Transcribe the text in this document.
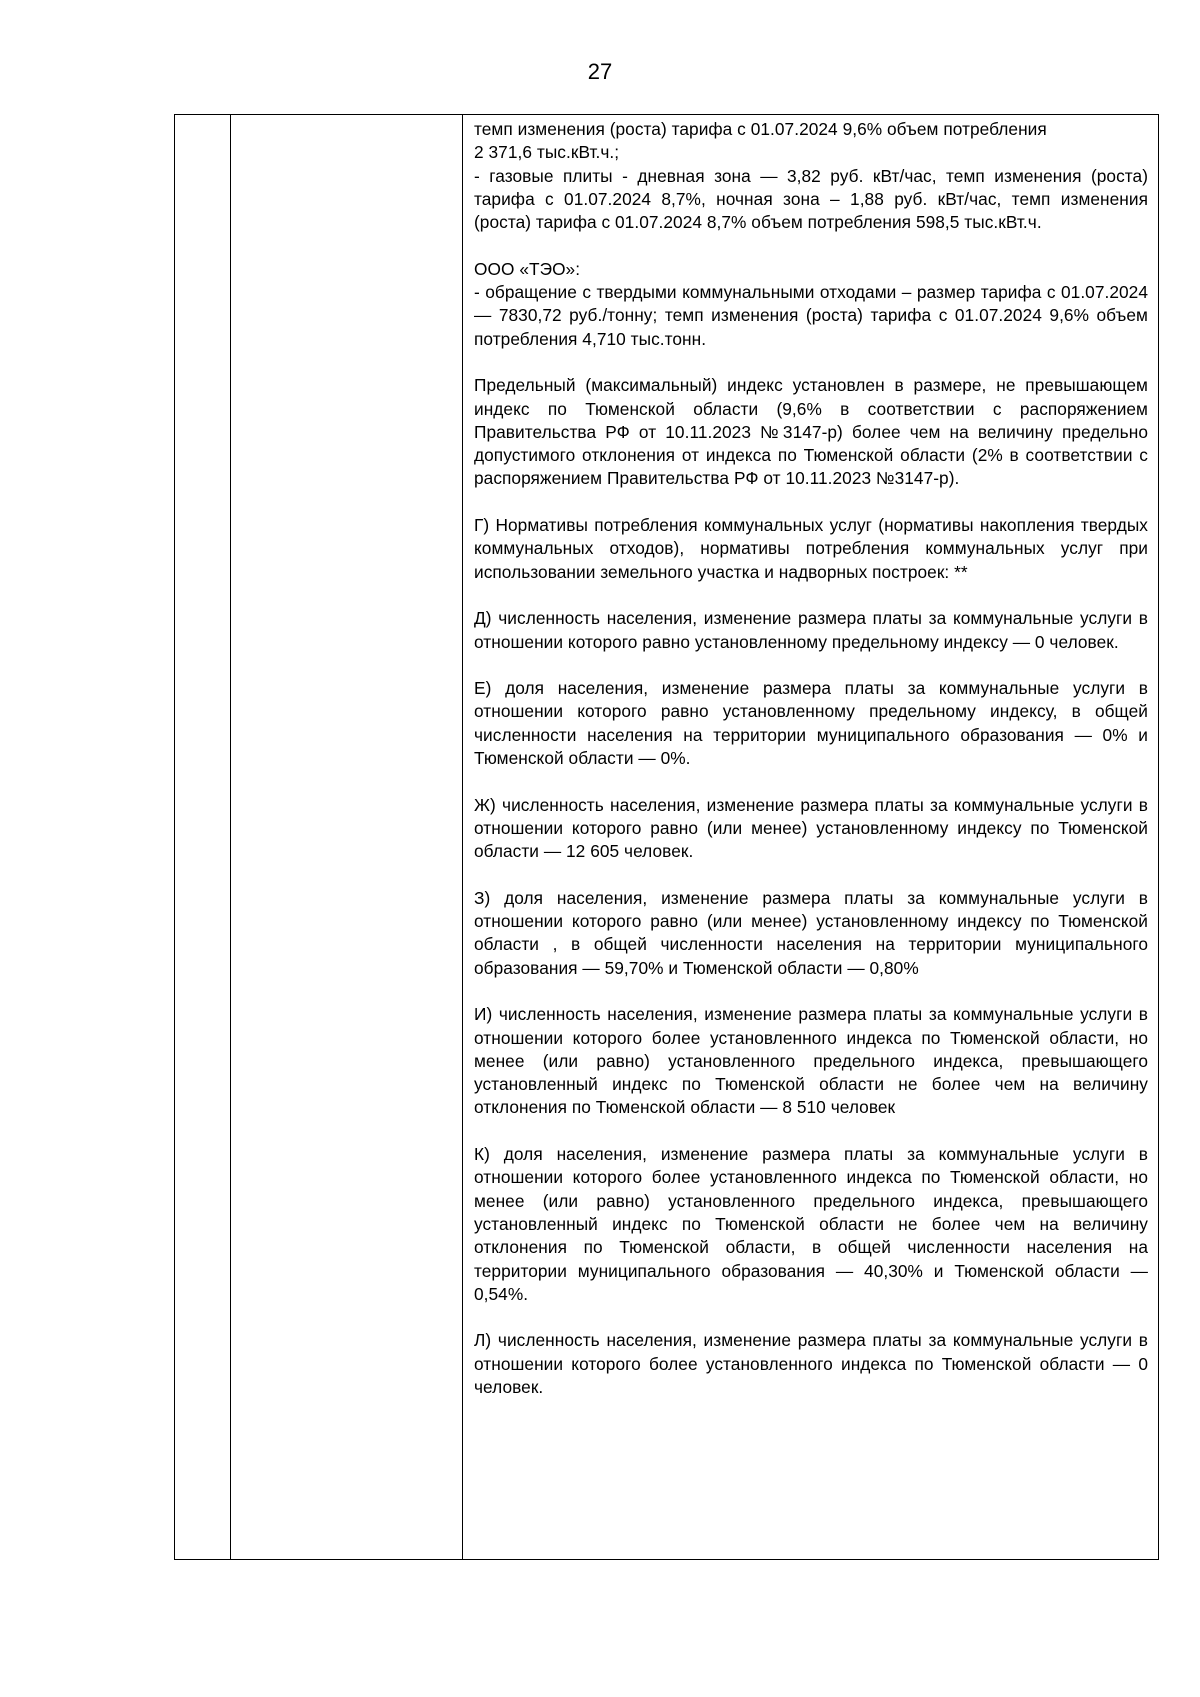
27

темп изменения (роста) тарифа с 01.07.2024 9,6% объем потребления
2 371,6 тыс.кВт.ч.;
- газовые плиты - дневная зона — 3,82 руб. кВт/час, темп изменения (роста) тарифа с 01.07.2024 8,7%, ночная зона – 1,88 руб. кВт/час, темп изменения (роста) тарифа с 01.07.2024 8,7% объем потребления 598,5 тыс.кВт.ч.

ООО «ТЭО»:
- обращение с твердыми коммунальными отходами – размер тарифа с 01.07.2024 — 7830,72 руб./тонну; темп изменения (роста) тарифа с 01.07.2024 9,6% объем потребления 4,710 тыс.тонн.

Предельный (максимальный) индекс установлен в размере, не превышающем индекс по Тюменской области (9,6% в соответствии с распоряжением Правительства РФ от 10.11.2023 №3147-р) более чем на величину предельно допустимого отклонения от индекса по Тюменской области (2% в соответствии с распоряжением Правительства РФ от 10.11.2023 №3147-р).

Г) Нормативы потребления коммунальных услуг (нормативы накопления твердых коммунальных отходов), нормативы потребления коммунальных услуг при использовании земельного участка и надворных построек: **

Д) численность населения, изменение размера платы за коммунальные услуги в отношении которого равно установленному предельному индексу — 0 человек.

Е) доля населения, изменение размера платы за коммунальные услуги в отношении которого равно установленному предельному индексу, в общей численности населения на территории муниципального образования — 0% и Тюменской области — 0%.

Ж) численность населения, изменение размера платы за коммунальные услуги в отношении которого равно (или менее) установленному индексу по Тюменской области — 12 605 человек.

З) доля населения, изменение размера платы за коммунальные услуги в отношении которого равно (или менее) установленному индексу по Тюменской области , в общей численности населения на территории муниципального образования — 59,70% и Тюменской области — 0,80%

И) численность населения, изменение размера платы за коммунальные услуги в отношении которого более установленного индекса по Тюменской области, но менее (или равно) установленного предельного индекса, превышающего установленный индекс по Тюменской области не более чем на величину отклонения по Тюменской области — 8 510 человек

К) доля населения, изменение размера платы за коммунальные услуги в отношении которого более установленного индекса по Тюменской области, но менее (или равно) установленного предельного индекса, превышающего установленный индекс по Тюменской области не более чем на величину отклонения по Тюменской области, в общей численности населения на территории муниципального образования — 40,30% и Тюменской области — 0,54%.

Л) численность населения, изменение размера платы за коммунальные услуги в отношении которого более установленного индекса по Тюменской области — 0 человек.
